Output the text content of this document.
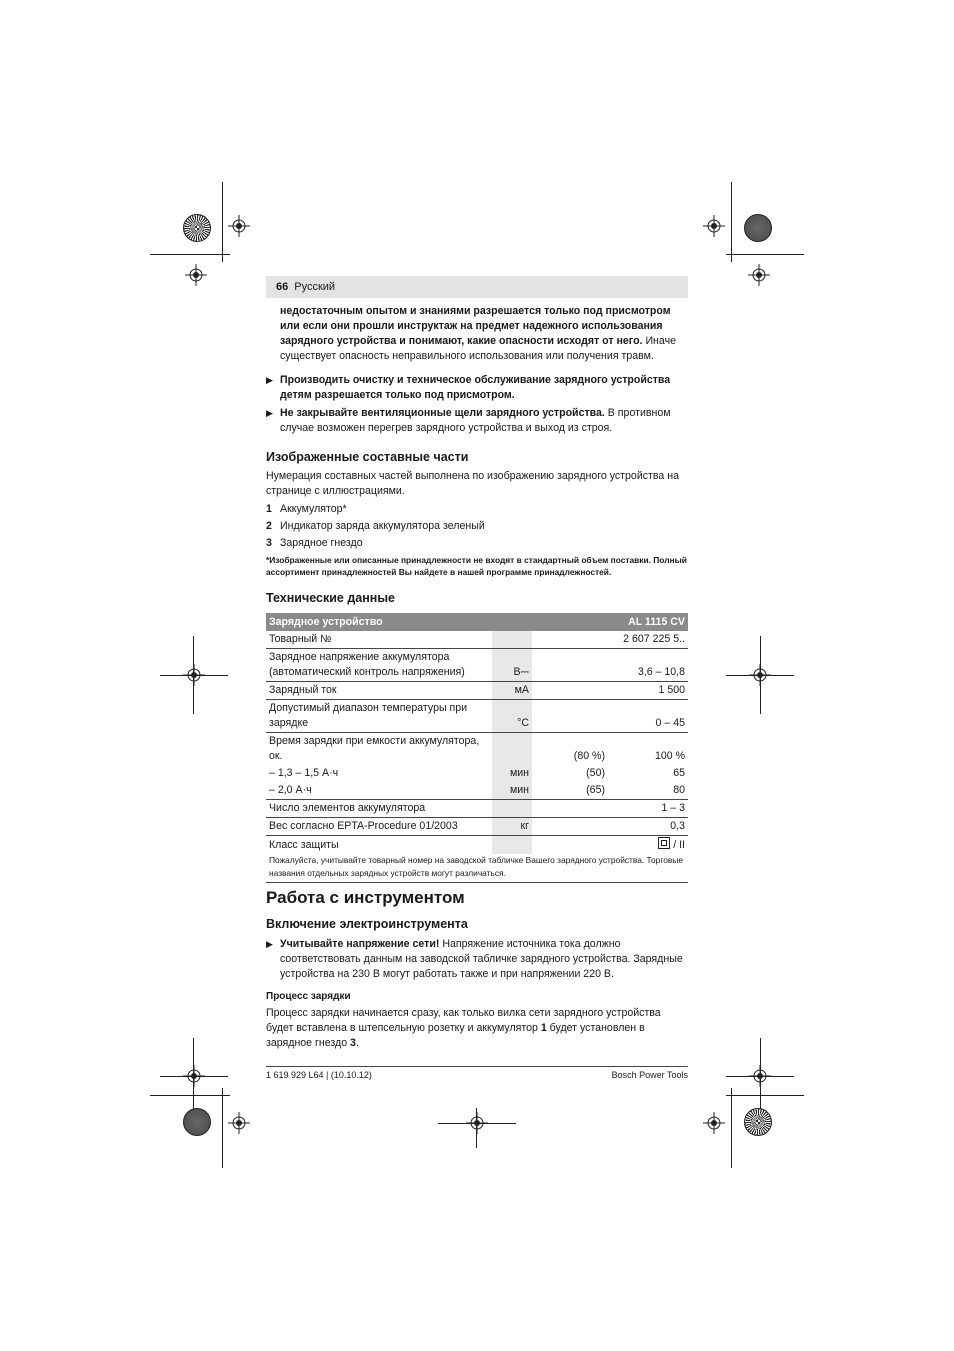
66 Русский

недостаточным опытом и знаниями разрешается только под присмотром или если они прошли инструктаж на предмет надежного использования зарядного устройства и понимают, какие опасности исходят от него. Иначе существует опасность неправильного использования или получения травм.

▶ Производить очистку и техническое обслуживание зарядного устройства детям разрешается только под присмотром.
▶ Не закрывайте вентиляционные щели зарядного устройства. В противном случае возможен перегрев зарядного устройства и выход из строя.
Изображенные составные части

Нумерация составных частей выполнена по изображению зарядного устройства на странице с иллюстрациями.

1 Аккумулятор*
2 Индикатор заряда аккумулятора зеленый
3 Зарядное гнездо

*Изображенные или описанные принадлежности не входят в стандартный объем поставки. Полный ассортимент принадлежностей Вы найдете в нашей программе принадлежностей.

Технические данные
Зарядное устройство		AL 1115 CV	
Товарный №		2 607 225 5..	
Зарядное напряжение аккумулятора (автоматический контроль напряжения)	В⎓	3,6 – 10,8	
Зарядный ток	мА	1 500	
Допустимый диапазон температуры при зарядке	°C	0 – 45	
Время зарядки при емкости аккумулятора, ок.		(80 %)	100 %
– 1,3 – 1,5 А·ч	мин	(50)	65
– 2,0 А·ч	мин	(65)	80
Число элементов аккумулятора		1 – 3	
Вес согласно EPTA-Procedure 01/2003	кг	0,3	
Класс защиты		/ II	
Пожалуйста, учитывайте товарный номер на заводской табличке Вашего зарядного устройства. Торговые названия отдельных зарядных устройств могут различаться.
Работа с инструментом
Включение электроинструмента
▶ Учитывайте напряжение сети! Напряжение источника тока должно соответствовать данным на заводской табличке зарядного устройства. Зарядные устройства на 230 В могут работать также и при напряжении 220 В.

Процесс зарядки

Процесс зарядки начинается сразу, как только вилка сети зарядного устройства будет вставлена в штепсельную розетку и аккумулятор 1 будет установлен в зарядное гнездо 3.

1 619 929 L64 | (10.10.12)	Bosch Power Tools
